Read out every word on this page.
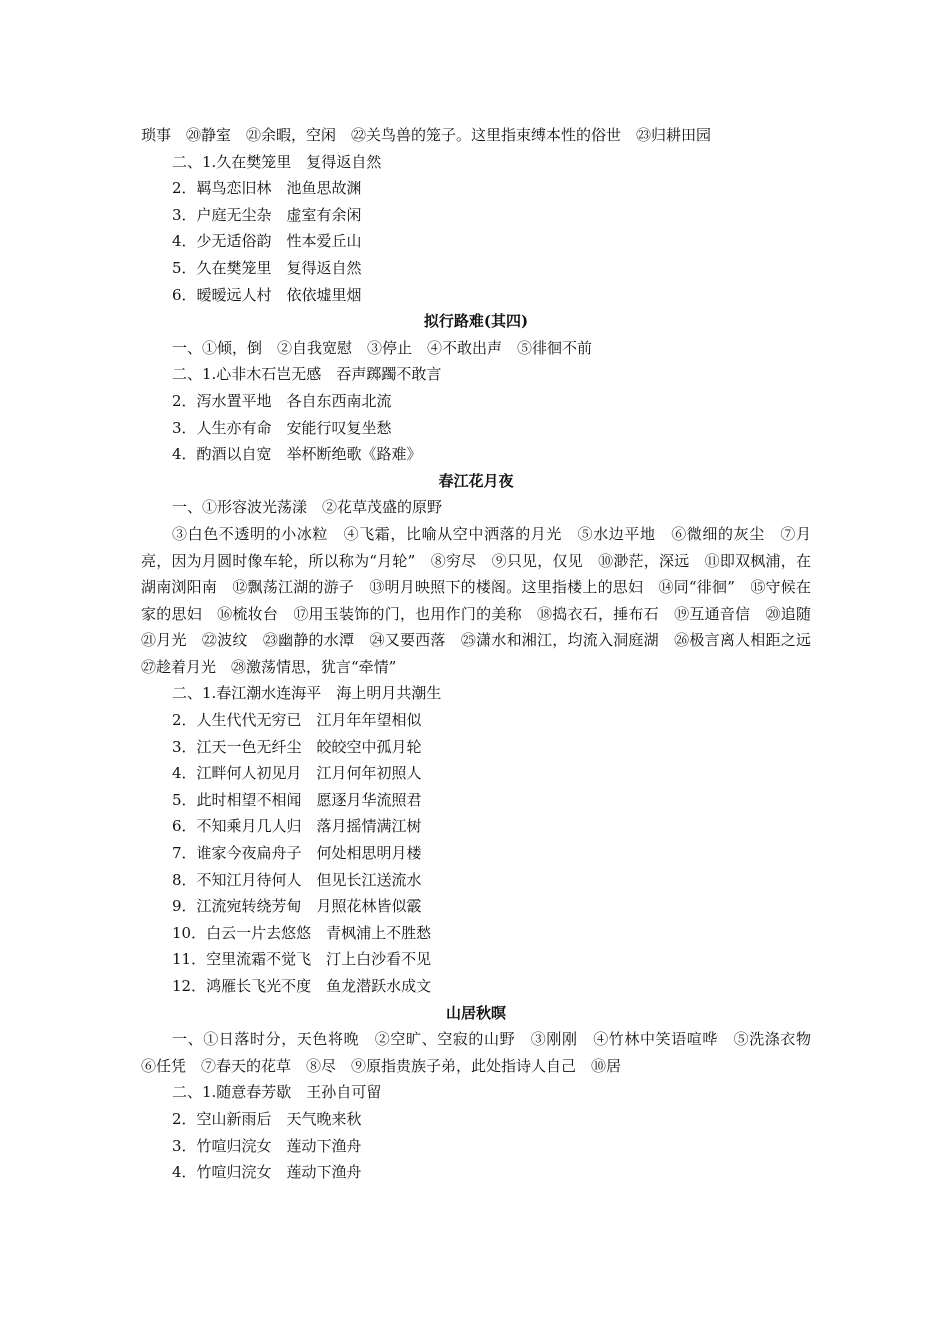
琐事　⑳静室　㉑余暇，空闲　㉒关鸟兽的笼子。这里指束缚本性的俗世　㉓归耕田园
二、1.久在樊笼里　复得返自然
2．羁鸟恋旧林　池鱼思故渊
3．户庭无尘杂　虚室有余闲
4．少无适俗韵　性本爱丘山
5．久在樊笼里　复得返自然
6．暧暧远人村　依依墟里烟
拟行路难(其四)
一、①倾，倒　②自我宽慰　③停止　④不敢出声　⑤徘徊不前
二、1.心非木石岂无感　吞声踯躅不敢言
2．泻水置平地　各自东西南北流
3．人生亦有命　安能行叹复坐愁
4．酌酒以自宽　举杯断绝歌《路难》
春江花月夜
一、①形容波光荡漾　②花草茂盛的原野
③白色不透明的小冰粒　④飞霜，比喻从空中洒落的月光　⑤水边平地　⑥微细的灰尘　⑦月亮，因为月圆时像车轮，所以称为“月轮”　⑧穷尽　⑨只见，仅见　⑩渺茫，深远　⑪即双枫浦，在湖南浏阳南　⑫飘荡江湖的游子　⑬明月映照下的楼阁。这里指楼上的思妇　⑭同“徘徊”　⑮守候在家的思妇　⑯梳妆台　⑰用玉装饰的门，也用作门的美称　⑱捣衣石，捶布石　⑲互通音信　⑳追随　㉑月光　㉒波纹　㉓幽静的水潭　㉔又要西落　㉕潇水和湘江，均流入洞庭湖　㉖极言离人相距之远　㉗趁着月光　㉘激荡情思，犹言“牵情”
二、1.春江潮水连海平　海上明月共潮生
2．人生代代无穷已　江月年年望相似
3．江天一色无纤尘　皎皎空中孤月轮
4．江畔何人初见月　江月何年初照人
5．此时相望不相闻　愿逐月华流照君
6．不知乘月几人归　落月摇情满江树
7．谁家今夜扁舟子　何处相思明月楼
8．不知江月待何人　但见长江送流水
9．江流宛转绕芳甸　月照花林皆似霰
10．白云一片去悠悠　青枫浦上不胜愁
11．空里流霜不觉飞　汀上白沙看不见
12．鸿雁长飞光不度　鱼龙潜跃水成文
山居秋暝
一、①日落时分，天色将晚　②空旷、空寂的山野　③刚刚　④竹林中笑语喧哗　⑤洗涤衣物　⑥任凭　⑦春天的花草　⑧尽　⑨原指贵族子弟，此处指诗人自己　⑩居
二、1.随意春芳歇　王孙自可留
2．空山新雨后　天气晚来秋
3．竹喧归浣女　莲动下渔舟
4．竹喧归浣女　莲动下渔舟
